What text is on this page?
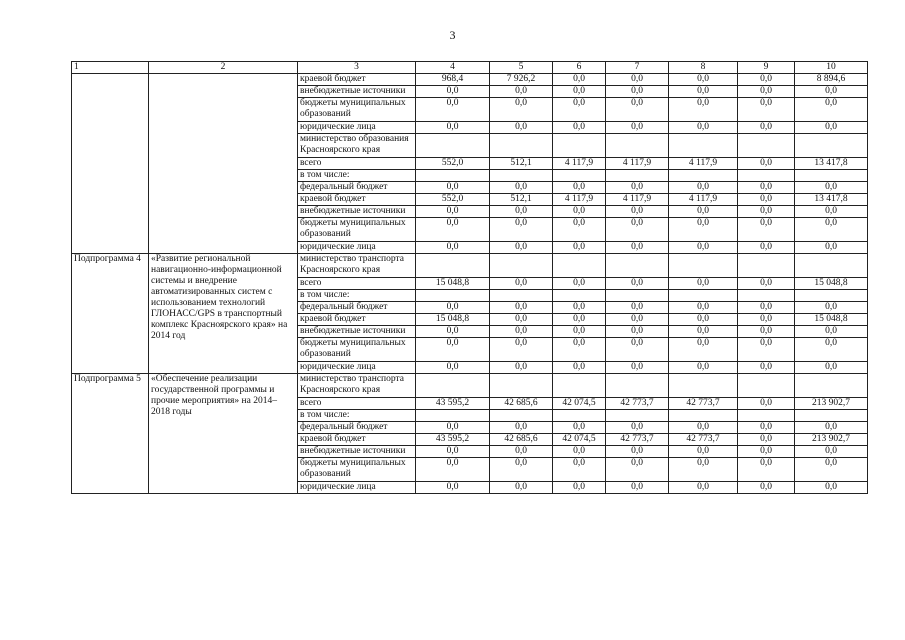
3
1	2	3	4	5	6	7	8	9	10
		краевой бюджет	968,4	7 926,2	0,0	0,0	0,0	0,0	8 894,6
		внебюджетные источники	0,0	0,0	0,0	0,0	0,0	0,0	0,0
		бюджеты муниципальных образований	0,0	0,0	0,0	0,0	0,0	0,0	0,0
		юридические лица	0,0	0,0	0,0	0,0	0,0	0,0	0,0
		министерство образования Красноярского края							
		всего	552,0	512,1	4 117,9	4 117,9	4 117,9	0,0	13 417,8
		в том числе:							
		федеральный бюджет	0,0	0,0	0,0	0,0	0,0	0,0	0,0
		краевой бюджет	552,0	512,1	4 117,9	4 117,9	4 117,9	0,0	13 417,8
		внебюджетные источники	0,0	0,0	0,0	0,0	0,0	0,0	0,0
		бюджеты муниципальных образований	0,0	0,0	0,0	0,0	0,0	0,0	0,0
		юридические лица	0,0	0,0	0,0	0,0	0,0	0,0	0,0
Подпрограмма 4	«Развитие региональной навигационно-информационной системы и внедрение автоматизированных систем с использованием технологий ГЛОНАСС/GPS в транспортный комплекс Красноярского края» на 2014 год	министерство транспорта Красноярского края							
		всего	15 048,8	0,0	0,0	0,0	0,0	0,0	15 048,8
		в том числе:							
		федеральный бюджет	0,0	0,0	0,0	0,0	0,0	0,0	0,0
		краевой бюджет	15 048,8	0,0	0,0	0,0	0,0	0,0	15 048,8
		внебюджетные источники	0,0	0,0	0,0	0,0	0,0	0,0	0,0
		бюджеты муниципальных образований	0,0	0,0	0,0	0,0	0,0	0,0	0,0
		юридические лица	0,0	0,0	0,0	0,0	0,0	0,0	0,0
Подпрограмма 5	«Обеспечение реализации государственной программы и прочие мероприятия» на 2014–2018 годы	министерство транспорта Красноярского края							
		всего	43 595,2	42 685,6	42 074,5	42 773,7	42 773,7	0,0	213 902,7
		в том числе:							
		федеральный бюджет	0,0	0,0	0,0	0,0	0,0	0,0	0,0
		краевой бюджет	43 595,2	42 685,6	42 074,5	42 773,7	42 773,7	0,0	213 902,7
		внебюджетные источники	0,0	0,0	0,0	0,0	0,0	0,0	0,0
		бюджеты муниципальных образований	0,0	0,0	0,0	0,0	0,0	0,0	0,0
		юридические лица	0,0	0,0	0,0	0,0	0,0	0,0	0,0
